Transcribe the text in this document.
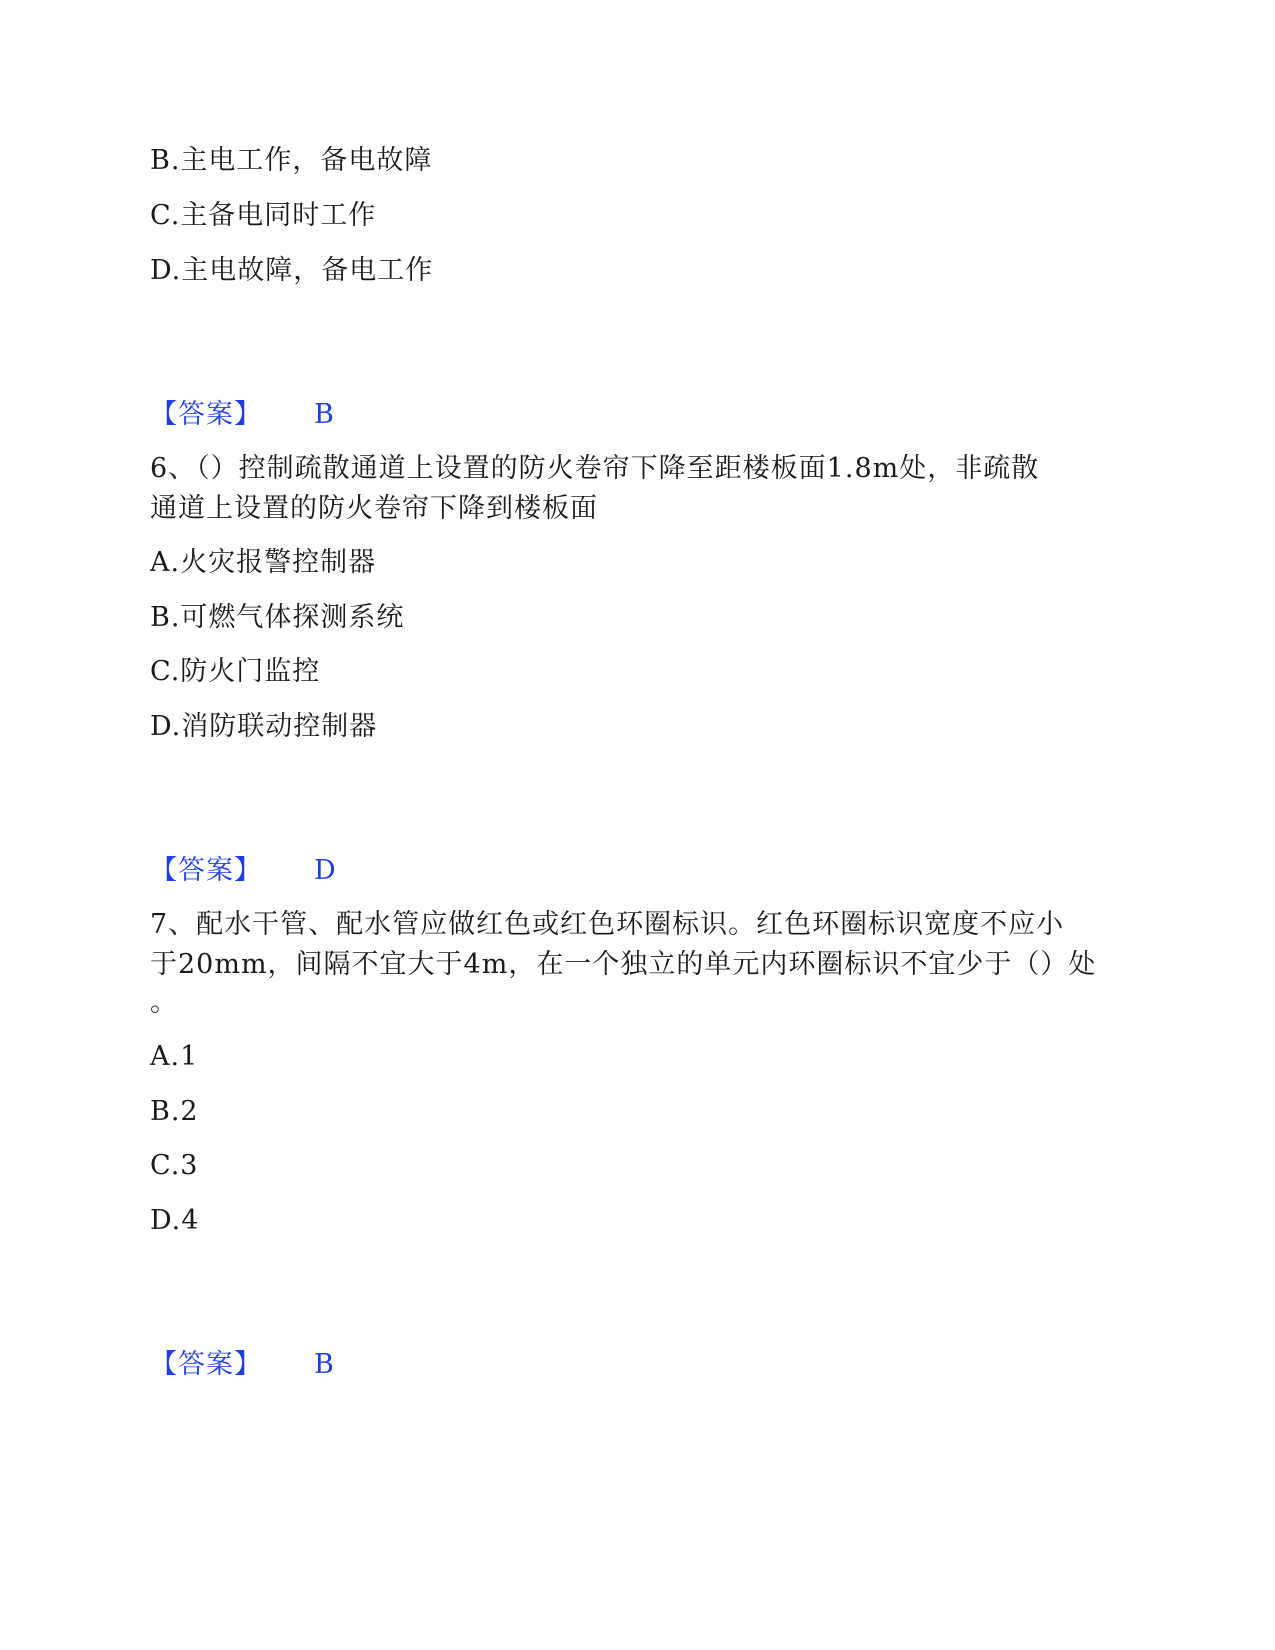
B.主电工作，备电故障
C.主备电同时工作
D.主电故障，备电工作
【答案】 B
6、（）控制疏散通道上设置的防火卷帘下降至距楼板面1.8m处，非疏散
通道上设置的防火卷帘下降到楼板面
A.火灾报警控制器
B.可燃气体探测系统
C.防火门监控
D.消防联动控制器
【答案】 D
7、配水干管、配水管应做红色或红色环圈标识。红色环圈标识宽度不应小
于20mm，间隔不宜大于4m，在一个独立的单元内环圈标识不宜少于（）处
。
A.1
B.2
C.3
D.4
【答案】 B
